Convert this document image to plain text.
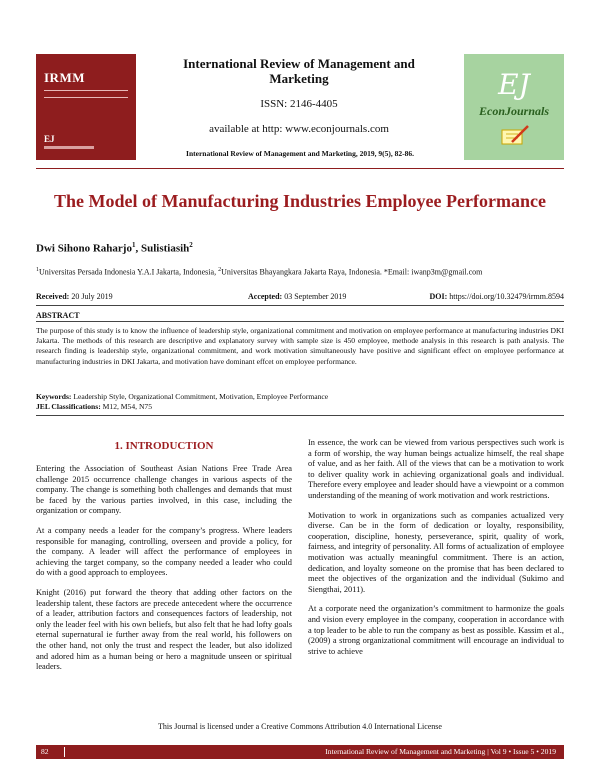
IRMM
EJ
International Review of Management and Marketing
ISSN: 2146-4405
available at http: www.econjournals.com
International Review of Management and Marketing, 2019, 9(5), 82-86.
EJ
EconJournals
The Model of Manufacturing Industries Employee Performance
Dwi Sihono Raharjo$^1$, Sulistiasih$^2$
$^1$Universitas Persada Indonesia Y.A.I Jakarta, Indonesia, $^2$Universitas Bhayangkara Jakarta Raya, Indonesia. *Email: iwanp3m@gmail.com
Received: 20 July 2019	Accepted: 03 September 2019	DOI: https://doi.org/10.32479/irmm.8594
ABSTRACT
The purpose of this study is to know the influence of leadership style, organizational commitment and motivation on employee performance at manufacturing industries DKI Jakarta. The methods of this research are descriptive and explanatory survey with sample size is 450 employee, methode analysis in this research is path analysis. The research finding is leadership style, organizational commitment, and work motivation simultaneously have positive and significant effect on employee performance at manufacturing industries in DKI Jakarta, and motivation have dominant effcet on employee performance.
Keywords: Leadership Style, Organizational Commitment, Motivation, Employee Performance
JEL Classifications: M12, M54, N75
1. INTRODUCTION

Entering the Association of Southeast Asian Nations Free Trade Area challenge 2015 occurrence challenge changes in various aspects of the company. The change is something both challenges and demands that must be faced by the various parties involved, in this case, including the organization or company.

At a company needs a leader for the company’s progress. Where leaders responsible for managing, controlling, overseen and provide a policy, for the company. A leader will affect the performance of employees in achieving the target company, so the company needed a leader who could do with a good approach to employees.

Knight (2016) put forward the theory that adding other factors on the leadership talent, these factors are precede antecedent where the occurrence of a leader, attribution factors and consequences factors of leadership, not only the leader feel with his own beliefs, but also felt that he had lofty goals eternal supernatural ie further away from the real world, his followers on the other hand, not only the trust and respect the leader, but also idolized and adored him as a human being or hero a magnitude unseen or spiritual leaders.

In essence, the work can be viewed from various perspectives such work is a form of worship, the way human beings actualize himself, the real shape of value, and as her faith. All of the views that can be a motivation to work to deliver quality work in achieving organizational goals and individual. Therefore every employee and leader should have a viewpoint or a common understanding of the meaning of work motivation and work restrictions.

Motivation to work in organizations such as companies actualized very diverse. Can be in the form of dedication or loyalty, responsibility, cooperation, discipline, honesty, perseverance, spirit, quality of work, fairness, and integrity of personality. All forms of actualization of employee motivation was actually meaningful commitment. There is an action, dedication, and loyalty someone on the promise that has been declared to meet the objectives of the organization and the individual (Sukimo and Siengthai, 2011).

At a corporate need the organization’s commitment to harmonize the goals and vision every employee in the company, cooperation in accordance with a top leader to be able to run the company as best as possible. Kassim et al., (2009) a strong organizational commitment will encourage an individual to strive to achieve

This Journal is licensed under a Creative Commons Attribution 4.0 International License
82	International Review of Management and Marketing | Vol 9 • Issue 5 • 2019
